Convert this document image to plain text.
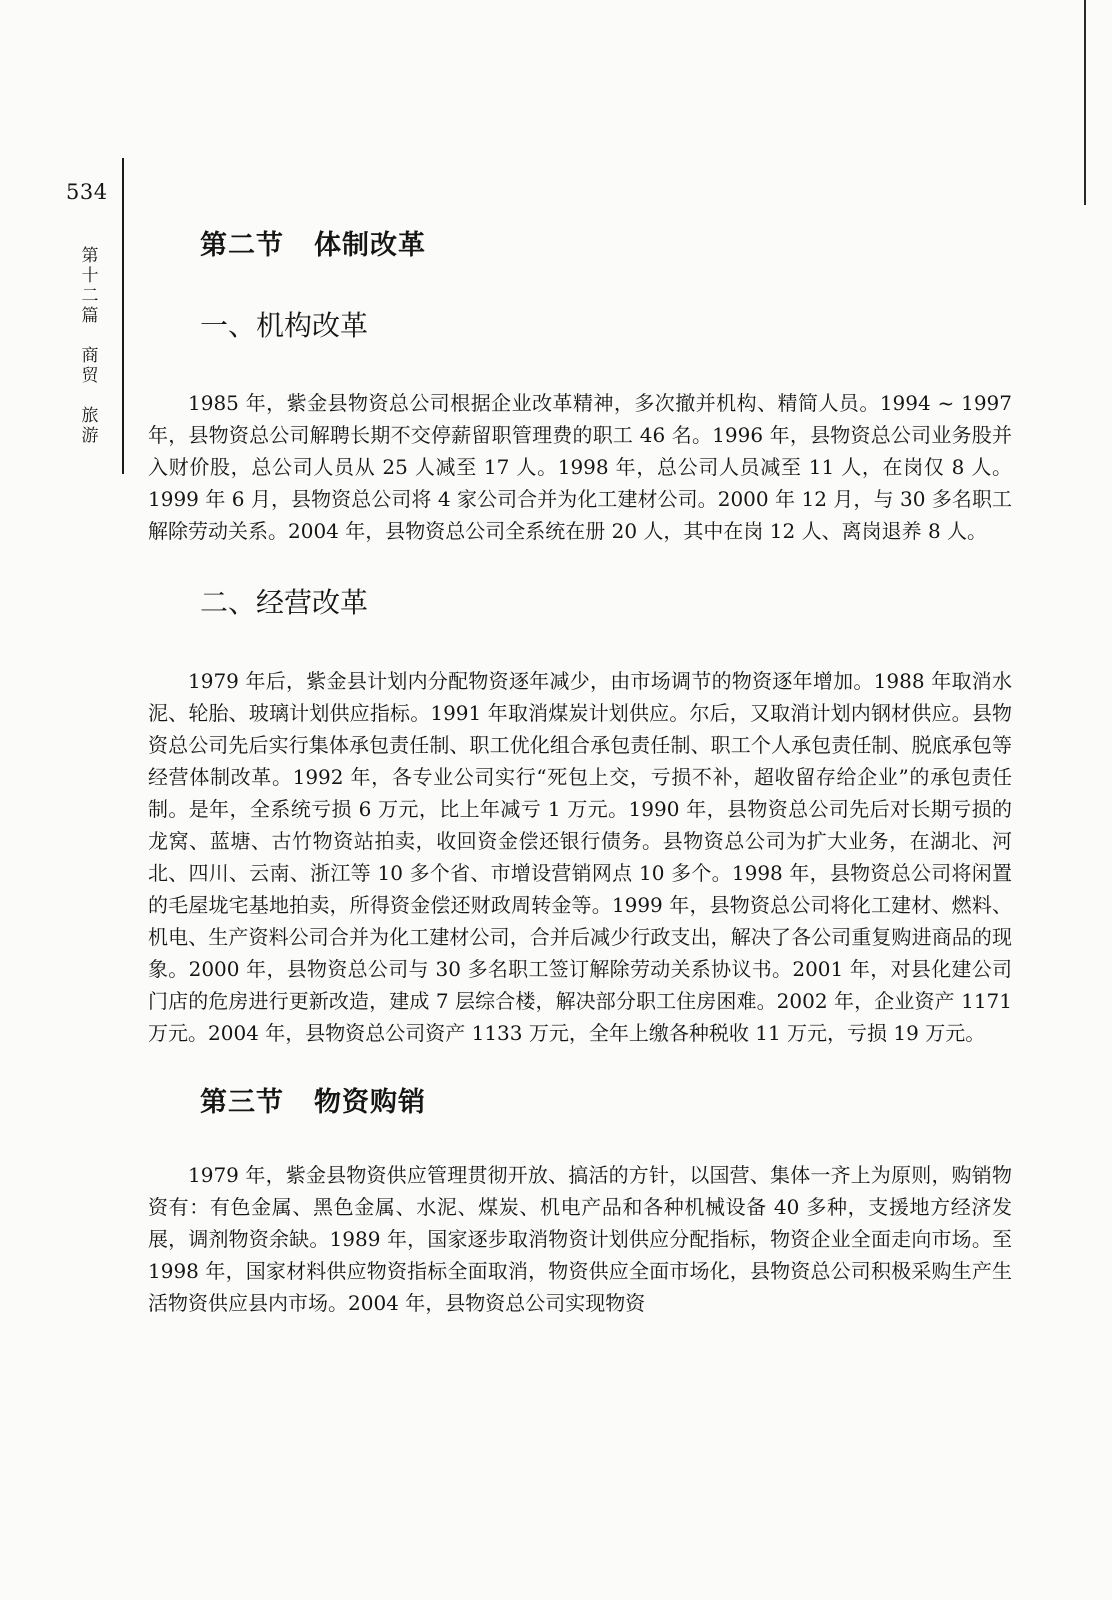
534
第
十
二
篇
商
贸
旅
游
第二节 体制改革
一、机构改革

1985 年，紫金县物资总公司根据企业改革精神，多次撤并机构、精简人员。1994 ~ 1997 年，县物资总公司解聘长期不交停薪留职管理费的职工 46 名。1996 年，县物资总公司业务股并入财价股，总公司人员从 25 人减至 17 人。1998 年，总公司人员减至 11 人，在岗仅 8 人。1999 年 6 月，县物资总公司将 4 家公司合并为化工建材公司。2000 年 12 月，与 30 多名职工解除劳动关系。2004 年，县物资总公司全系统在册 20 人，其中在岗 12 人、离岗退养 8 人。

二、经营改革

1979 年后，紫金县计划内分配物资逐年减少，由市场调节的物资逐年增加。1988 年取消水泥、轮胎、玻璃计划供应指标。1991 年取消煤炭计划供应。尔后，又取消计划内钢材供应。县物资总公司先后实行集体承包责任制、职工优化组合承包责任制、职工个人承包责任制、脱底承包等经营体制改革。1992 年，各专业公司实行“死包上交，亏损不补，超收留存给企业”的承包责任制。是年，全系统亏损 6 万元，比上年减亏 1 万元。1990 年，县物资总公司先后对长期亏损的龙窝、蓝塘、古竹物资站拍卖，收回资金偿还银行债务。县物资总公司为扩大业务，在湖北、河北、四川、云南、浙江等 10 多个省、市增设营销网点 10 多个。1998 年，县物资总公司将闲置的毛屋垅宅基地拍卖，所得资金偿还财政周转金等。1999 年，县物资总公司将化工建材、燃料、机电、生产资料公司合并为化工建材公司，合并后减少行政支出，解决了各公司重复购进商品的现象。2000 年，县物资总公司与 30 多名职工签订解除劳动关系协议书。2001 年，对县化建公司门店的危房进行更新改造，建成 7 层综合楼，解决部分职工住房困难。2002 年，企业资产 1171 万元。2004 年，县物资总公司资产 1133 万元，全年上缴各种税收 11 万元，亏损 19 万元。

第三节 物资购销

1979 年，紫金县物资供应管理贯彻开放、搞活的方针，以国营、集体一齐上为原则，购销物资有：有色金属、黑色金属、水泥、煤炭、机电产品和各种机械设备 40 多种，支援地方经济发展，调剂物资余缺。1989 年，国家逐步取消物资计划供应分配指标，物资企业全面走向市场。至 1998 年，国家材料供应物资指标全面取消，物资供应全面市场化，县物资总公司积极采购生产生活物资供应县内市场。2004 年，县物资总公司实现物资
